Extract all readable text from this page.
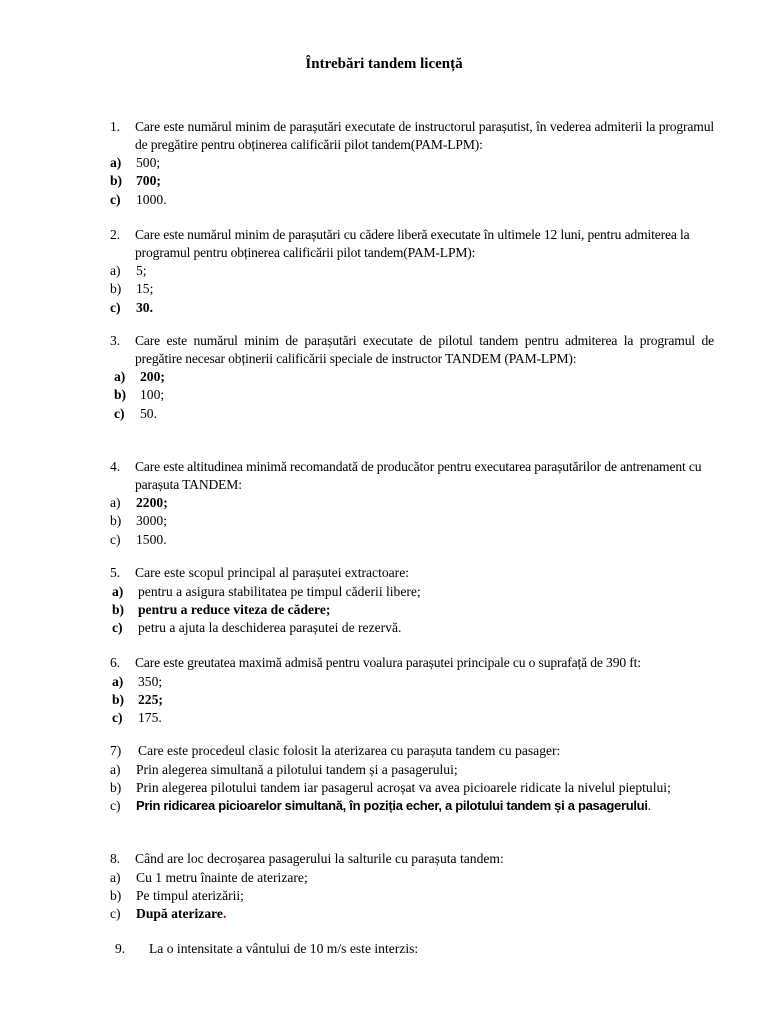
Întrebări tandem licență
1.	Care este numărul minim de parașutări executate de instructorul parașutist, în vederea admiterii la programul de pregătire pentru obținerea calificării pilot tandem(PAM-LPM):
a)	500;
b)	700;
c)	1000.
2.	Care este numărul minim de parașutări cu cădere liberă executate în ultimele 12 luni, pentru admiterea la programul pentru obținerea calificării pilot tandem(PAM-LPM):
a)	5;
b)	15;
c)	30.
3.	Care este numărul minim de parașutări executate de pilotul tandem pentru admiterea la programul de pregătire necesar obținerii calificării speciale de instructor TANDEM (PAM-LPM):
a)	200;
b)	100;
c)	50.
4.	Care este altitudinea minimă recomandată de producător pentru executarea parașutărilor de antrenament cu parașuta TANDEM:
a)	2200;
b)	3000;
c)	1500.
5.	Care este scopul principal al parașutei extractoare:
a)	pentru a asigura stabilitatea pe timpul căderii libere;
b)	pentru a reduce viteza de cădere;
c)	petru a ajuta la deschiderea parașutei de rezervă.
6.	Care este greutatea maximă admisă pentru voalura parașutei principale cu o suprafață de 390 ft:
a)	350;
b)	225;
c)	175.
7)	Care este procedeul clasic folosit la aterizarea cu parașuta tandem cu pasager:
a)	Prin alegerea simultană a pilotului tandem și a pasagerului;
b)	Prin alegerea pilotului tandem iar pasagerul acroșat va avea picioarele ridicate la nivelul pieptului;
c)	Prin ridicarea picioarelor simultană, în poziția echer, a pilotului tandem și a pasagerului.
8.	Când are loc decroșarea pasagerului la salturile cu parașuta tandem:
a)	Cu 1 metru înainte de aterizare;
b)	Pe timpul aterizării;
c)	După aterizare.
9.	La o intensitate a vântului de 10 m/s este interzis:
